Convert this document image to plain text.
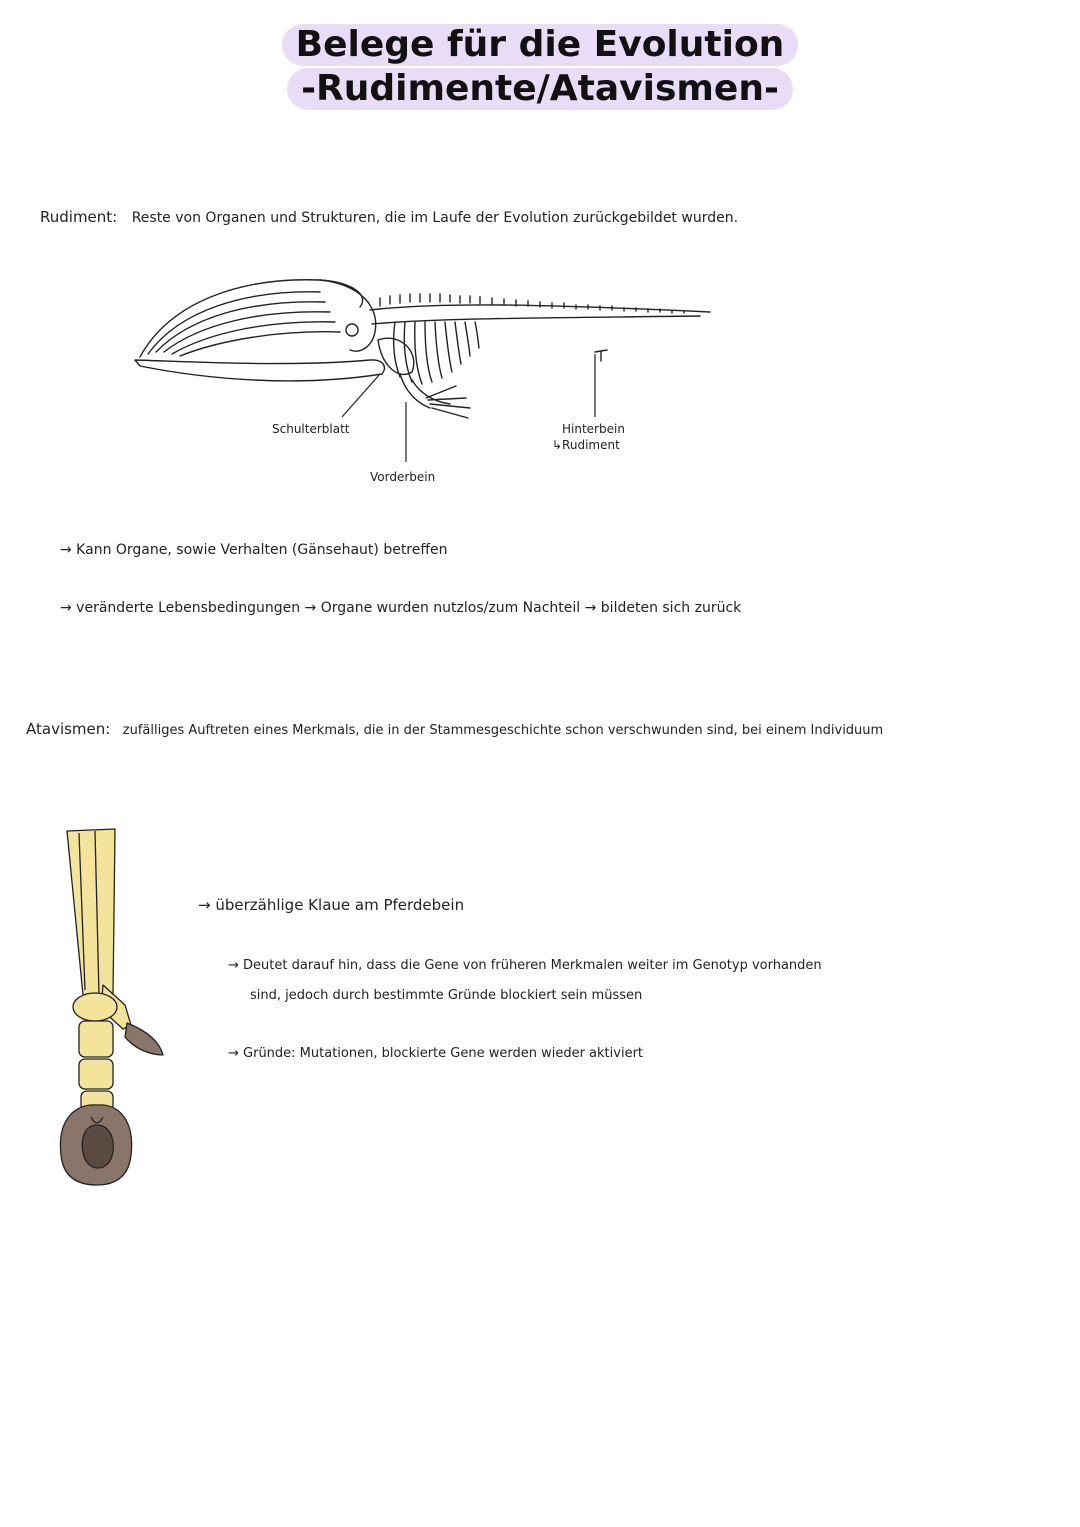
Belege für die Evolution
-Rudimente/Atavismen-
Rudiment: Reste von Organen und Strukturen, die im Laufe der Evolution zurückgebildet wurden.
Schulterblatt
Vorderbein
Hinterbein
↳Rudiment
→ Kann Organe, sowie Verhalten (Gänsehaut) betreffen
→ veränderte Lebensbedingungen → Organe wurden nutzlos/zum Nachteil → bildeten sich zurück
Atavismen: zufälliges Auftreten eines Merkmals, die in der Stammesgeschichte schon verschwunden sind, bei einem Individuum
→ überzählige Klaue am Pferdebein
→ Deutet darauf hin, dass die Gene von früheren Merkmalen weiter im Genotyp vorhanden
sind, jedoch durch bestimmte Gründe blockiert sein müssen
→ Gründe: Mutationen, blockierte Gene werden wieder aktiviert
